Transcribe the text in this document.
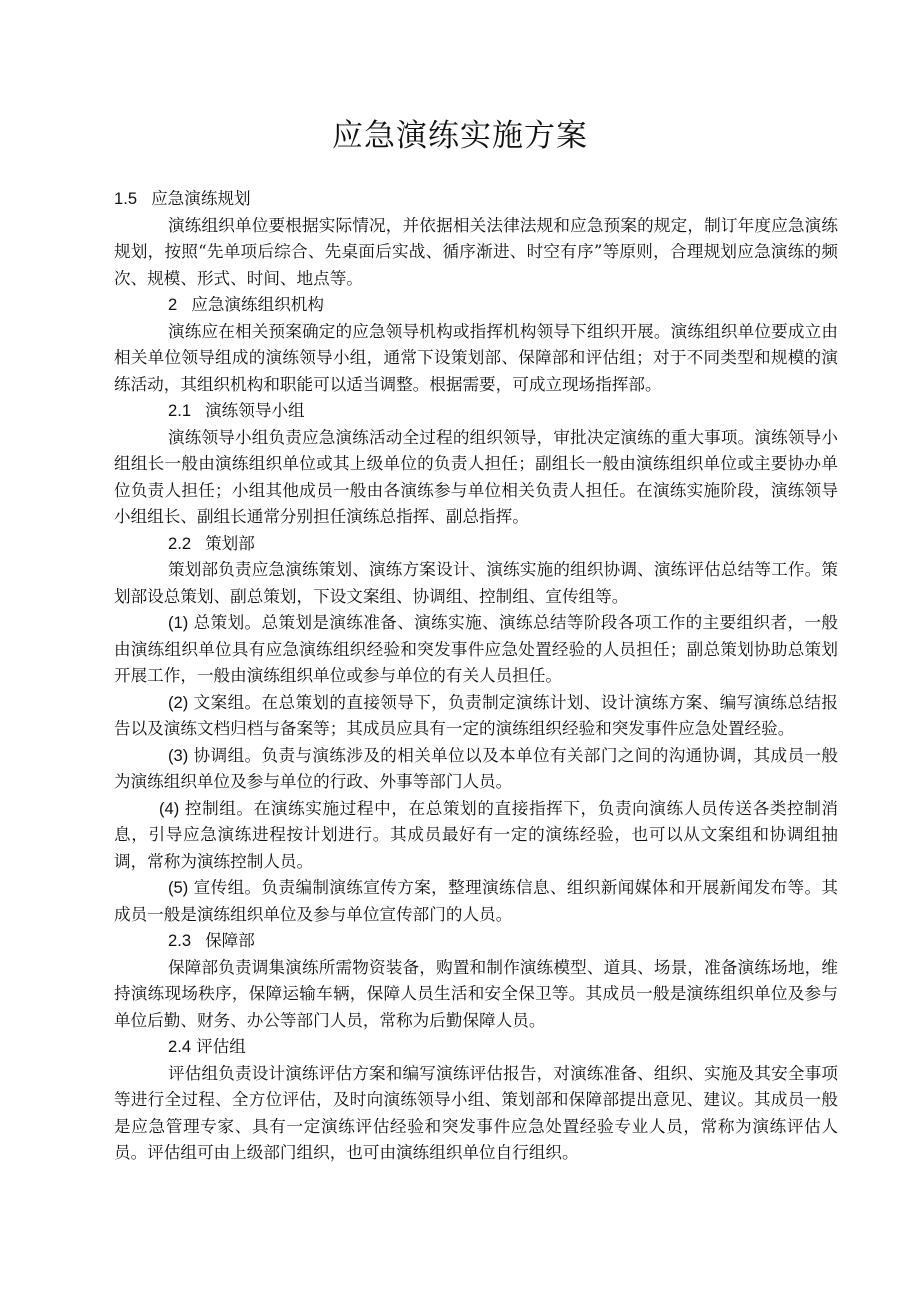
应急演练实施方案

1.5 应急演练规划

演练组织单位要根据实际情况，并依据相关法律法规和应急预案的规定，制订年度应急演练规划，按照“先单项后综合、先桌面后实战、循序渐进、时空有序”等原则，合理规划应急演练的频次、规模、形式、时间、地点等。

2 应急演练组织机构

演练应在相关预案确定的应急领导机构或指挥机构领导下组织开展。演练组织单位要成立由相关单位领导组成的演练领导小组，通常下设策划部、保障部和评估组；对于不同类型和规模的演练活动，其组织机构和职能可以适当调整。根据需要，可成立现场指挥部。

2.1 演练领导小组

演练领导小组负责应急演练活动全过程的组织领导，审批决定演练的重大事项。演练领导小组组长一般由演练组织单位或其上级单位的负责人担任；副组长一般由演练组织单位或主要协办单位负责人担任；小组其他成员一般由各演练参与单位相关负责人担任。在演练实施阶段，演练领导小组组长、副组长通常分别担任演练总指挥、副总指挥。

2.2 策划部

策划部负责应急演练策划、演练方案设计、演练实施的组织协调、演练评估总结等工作。策划部设总策划、副总策划，下设文案组、协调组、控制组、宣传组等。

(1) 总策划。总策划是演练准备、演练实施、演练总结等阶段各项工作的主要组织者，一般由演练组织单位具有应急演练组织经验和突发事件应急处置经验的人员担任；副总策划协助总策划开展工作，一般由演练组织单位或参与单位的有关人员担任。

(2) 文案组。在总策划的直接领导下，负责制定演练计划、设计演练方案、编写演练总结报告以及演练文档归档与备案等；其成员应具有一定的演练组织经验和突发事件应急处置经验。

(3) 协调组。负责与演练涉及的相关单位以及本单位有关部门之间的沟通协调，其成员一般为演练组织单位及参与单位的行政、外事等部门人员。

(4) 控制组。在演练实施过程中，在总策划的直接指挥下，负责向演练人员传送各类控制消息，引导应急演练进程按计划进行。其成员最好有一定的演练经验，也可以从文案组和协调组抽调，常称为演练控制人员。

(5) 宣传组。负责编制演练宣传方案，整理演练信息、组织新闻媒体和开展新闻发布等。其成员一般是演练组织单位及参与单位宣传部门的人员。

2.3 保障部

保障部负责调集演练所需物资装备，购置和制作演练模型、道具、场景，准备演练场地，维持演练现场秩序，保障运输车辆，保障人员生活和安全保卫等。其成员一般是演练组织单位及参与单位后勤、财务、办公等部门人员，常称为后勤保障人员。

2.4 评估组

评估组负责设计演练评估方案和编写演练评估报告，对演练准备、组织、实施及其安全事项等进行全过程、全方位评估，及时向演练领导小组、策划部和保障部提出意见、建议。其成员一般是应急管理专家、具有一定演练评估经验和突发事件应急处置经验专业人员，常称为演练评估人员。评估组可由上级部门组织，也可由演练组织单位自行组织。
